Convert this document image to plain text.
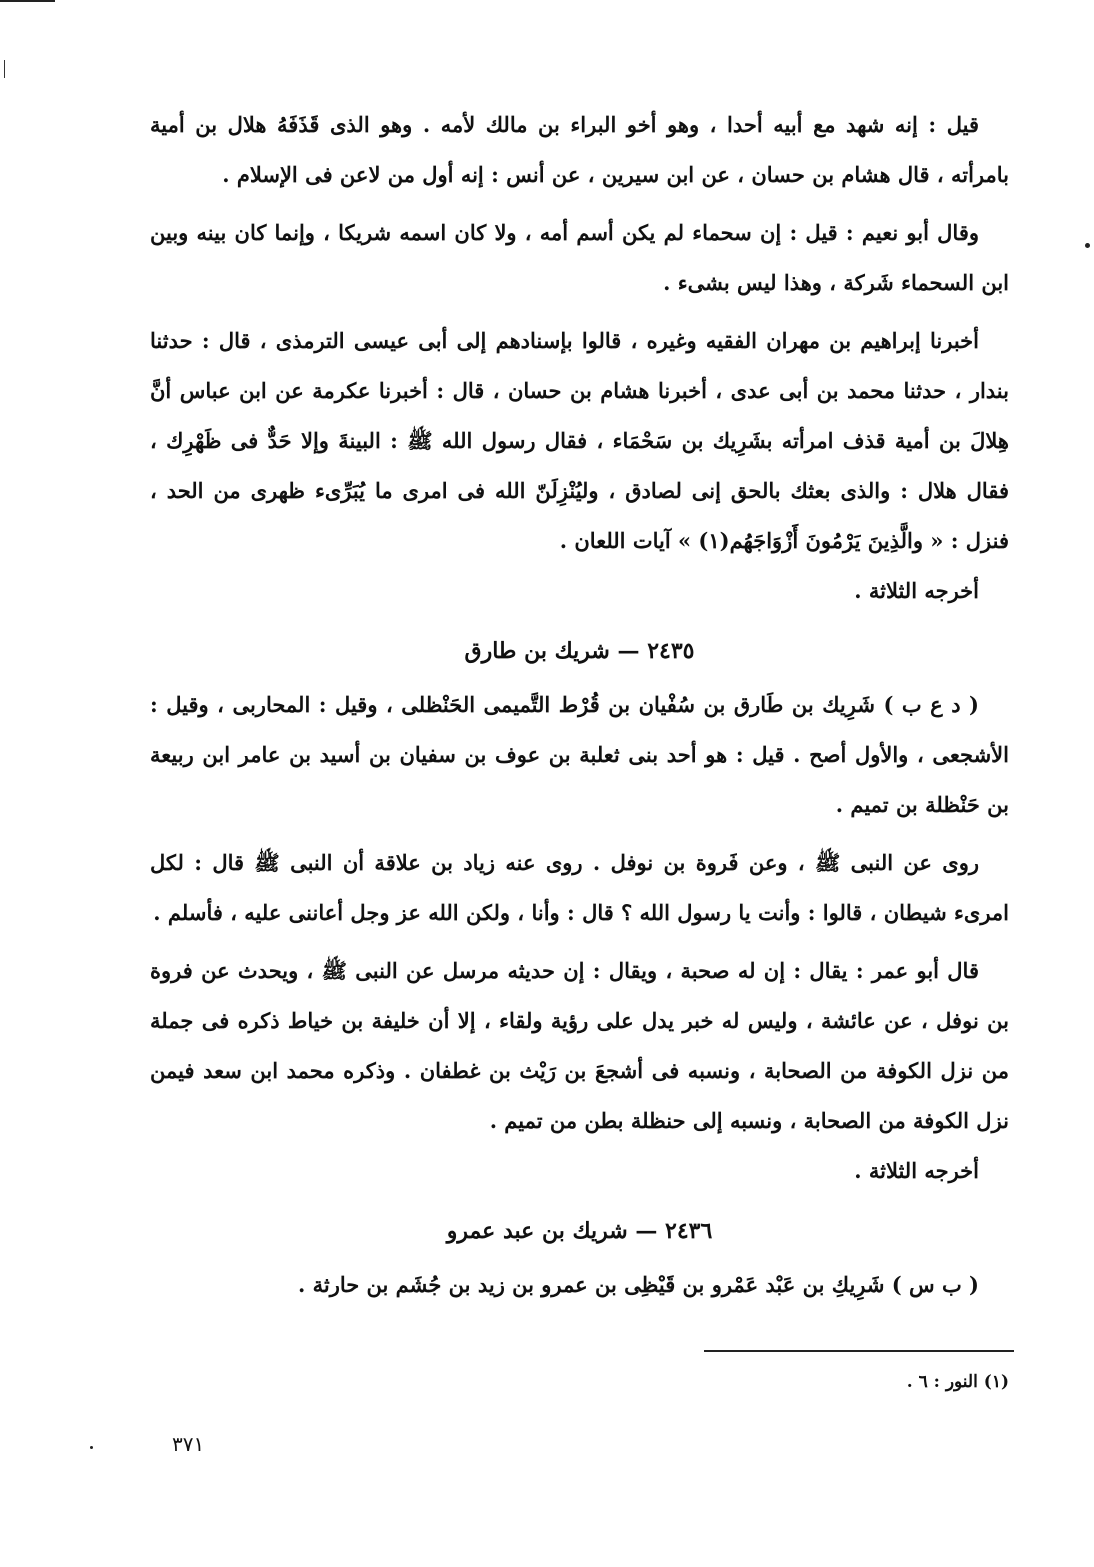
قيل : إنه شهد مع أبيه أحدا ، وهو أخو البراء بن مالك لأمه . وهو الذى قَذَفَهُ هلال بن أمية بامرأته ، قال هشام بن حسان ، عن ابن سيرين ، عن أنس : إنه أول من لاعن فى الإسلام .

وقال أبو نعيم : قيل : إن سحماء لم يكن أسم أمه ، ولا كان اسمه شريكا ، وإنما كان بينه وبين ابن السحماء شَركة ، وهذا ليس بشىء .

أخبرنا إبراهيم بن مهران الفقيه وغيره ، قالوا بإسنادهم إلى أبى عيسى الترمذى ، قال : حدثنا بندار ، حدثنا محمد بن أبى عدى ، أخبرنا هشام بن حسان ، قال : أخبرنا عكرمة عن ابن عباس أنَّ هِلالَ بن أمية قذف امرأته بشَرِيك بن سَحْمَاء ، فقال رسول الله ﷺ : البينةَ وإلا حَدٌّ فى ظَهْرِك ، فقال هلال : والذى بعثك بالحق إنى لصادق ، وليُنْزِلَنّ الله فى امرى ما يُبَرِّىء ظهرى من الحد ، فنزل : « والَّذِينَ يَرْمُونَ أَزْوَاجَهُم(١) » آيات اللعان .

أخرجه الثلاثة .

٢٤٣٥ — شريك بن طارق

( د ع ب ) شَرِيك بن طَارق بن سُفْيان بن قُرْط التَّميمى الحَنْظلى ، وقيل : المحاربى ، وقيل : الأشجعى ، والأول أصح . قيل : هو أحد بنى ثعلبة بن عوف بن سفيان بن أسيد بن عامر ابن ربيعة بن حَنْظلة بن تميم .

روى عن النبى ﷺ ، وعن فَروة بن نوفل . روى عنه زياد بن علاقة أن النبى ﷺ قال : لكل امرىء شيطان ، قالوا : وأنت يا رسول الله ؟ قال : وأنا ، ولكن الله عز وجل أعاننى عليه ، فأسلم .

قال أبو عمر : يقال : إن له صحبة ، ويقال : إن حديثه مرسل عن النبى ﷺ ، ويحدث عن فروة بن نوفل ، عن عائشة ، وليس له خبر يدل على رؤية ولقاء ، إلا أن خليفة بن خياط ذكره فى جملة من نزل الكوفة من الصحابة ، ونسبه فى أشجعَ بن رَيْث بن غطفان . وذكره محمد ابن سعد فيمن نزل الكوفة من الصحابة ، ونسبه إلى حنظلة بطن من تميم .

أخرجه الثلاثة .

٢٤٣٦ — شريك بن عبد عمرو

( ب س ) شَرِيكِ بن عَبْد عَمْرو بن قَيْظِى بن عمرو بن زيد بن جُشَم بن حارثة .

(١) النور : ٦ .
٣٧١
